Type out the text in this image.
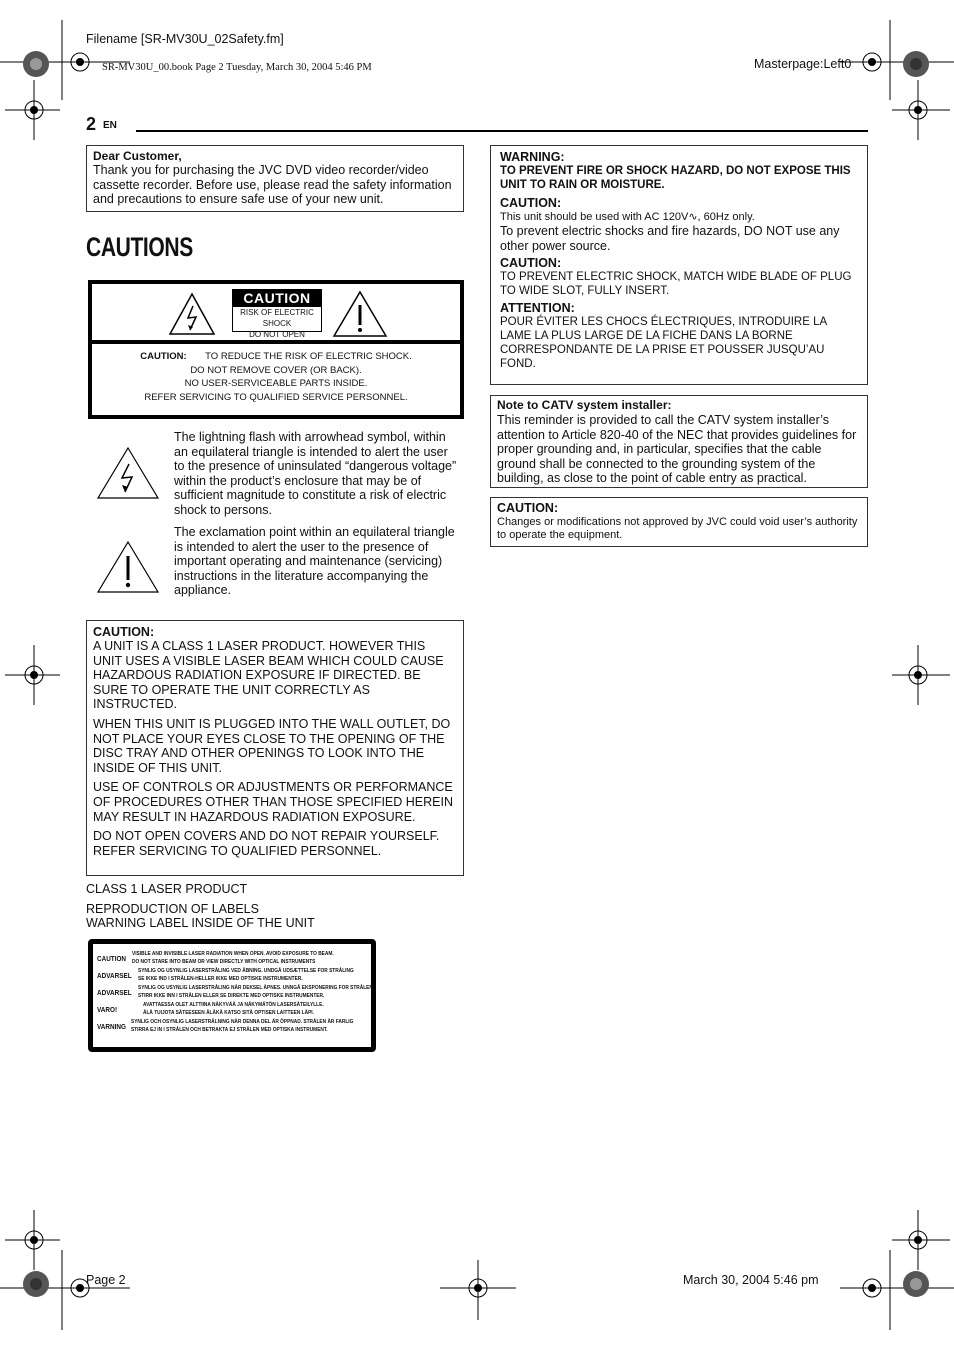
Filename [SR-MV30U_02Safety.fm]
SR-MV30U_00.book Page 2 Tuesday, March 30, 2004 5:46 PM	Masterpage:Left0
2 EN

Dear Customer,

Thank you for purchasing the JVC DVD video recorder/video cassette recorder. Before use, please read the safety information and precautions to ensure safe use of your new unit.

CAUTIONS
CAUTION
RISK OF ELECTRIC SHOCK
DO NOT OPEN
CAUTION: TO REDUCE THE RISK OF ELECTRIC SHOCK.
DO NOT REMOVE COVER (OR BACK).
NO USER-SERVICEABLE PARTS INSIDE.
REFER SERVICING TO QUALIFIED SERVICE PERSONNEL.
The lightning flash with arrowhead symbol, within an equilateral triangle is intended to alert the user to the presence of uninsulated “dangerous voltage” within the product’s enclosure that may be of sufficient magnitude to constitute a risk of electric shock to persons.
The exclamation point within an equilateral triangle is intended to alert the user to the presence of important operating and maintenance (servicing) instructions in the literature accompanying the appliance.

CAUTION:

A UNIT IS A CLASS 1 LASER PRODUCT. HOWEVER THIS UNIT USES A VISIBLE LASER BEAM WHICH COULD CAUSE HAZARDOUS RADIATION EXPOSURE IF DIRECTED. BE SURE TO OPERATE THE UNIT CORRECTLY AS INSTRUCTED.

WHEN THIS UNIT IS PLUGGED INTO THE WALL OUTLET, DO NOT PLACE YOUR EYES CLOSE TO THE OPENING OF THE DISC TRAY AND OTHER OPENINGS TO LOOK INTO THE INSIDE OF THIS UNIT.

USE OF CONTROLS OR ADJUSTMENTS OR PERFORMANCE OF PROCEDURES OTHER THAN THOSE SPECIFIED HEREIN MAY RESULT IN HAZARDOUS RADIATION EXPOSURE.

DO NOT OPEN COVERS AND DO NOT REPAIR YOURSELF. REFER SERVICING TO QUALIFIED PERSONNEL.

CLASS 1 LASER PRODUCT
REPRODUCTION OF LABELS
WARNING LABEL INSIDE OF THE UNIT
CAUTION VISIBLE AND INVISIBLE LASER RADIATION WHEN OPEN. AVOID EXPOSURE TO BEAM.
DO NOT STARE INTO BEAM OR VIEW DIRECTLY WITH OPTICAL INSTRUMENTS
ADVARSEL SYNLIG OG USYNLIG LASERSTRÅLING VED ÅBNING. UNDGÅ UDSÆTTELSE FOR STRÅLING
SE IKKE IND I STRÅLEN-HELLER IKKE MED OPTISKE INSTRUMENTER.
ADVARSEL SYNLIG OG USYNLIG LASERSTRÅLING NÅR DEKSEL ÅPNES. UNNGÅ EKSPONERING FOR STRÅLEN
STIRR IKKE INN I STRÅLEN ELLER SE DIREKTE MED OPTISKE INSTRUMENTER.
VARO!	AVATTAESSA OLET ALTTIINA NÄKYVÄÄ JA NÄKYMÄTÖN LASERSÄTEILYLLE.
ÄLÄ TUIJOTA SÄTEESEEN ÄLÄKÄ KATSO SITÄ OPTISEN LAITTEEN LÄPI.
VARNING SYNLIG OCH OSYNLIG LASERSTRÅLNING NÄR DENNA DEL ÄR ÖPPNAD. STRÅLEN ÄR FARLIG
STIRRA EJ IN I STRÅLEN OCH BETRAKTA EJ STRÅLEN MED OPTISKA INSTRUMENT.

WARNING:

TO PREVENT FIRE OR SHOCK HAZARD, DO NOT EXPOSE THIS UNIT TO RAIN OR MOISTURE.

CAUTION:

This unit should be used with AC 120V∿, 60Hz only.

To prevent electric shocks and fire hazards, DO NOT use any other power source.

CAUTION:

TO PREVENT ELECTRIC SHOCK, MATCH WIDE BLADE OF PLUG TO WIDE SLOT, FULLY INSERT.

ATTENTION:

POUR ÉVITER LES CHOCS ÉLECTRIQUES, INTRODUIRE LA LAME LA PLUS LARGE DE LA FICHE DANS LA BORNE CORRESPONDANTE DE LA PRISE ET POUSSER JUSQU’AU FOND.

Note to CATV system installer:

This reminder is provided to call the CATV system installer’s attention to Article 820-40 of the NEC that provides guidelines for proper grounding and, in particular, specifies that the cable ground shall be connected to the grounding system of the building, as close to the point of cable entry as practical.

CAUTION:

Changes or modifications not approved by JVC could void user’s authority to operate the equipment.

Page 2	March 30, 2004 5:46 pm
